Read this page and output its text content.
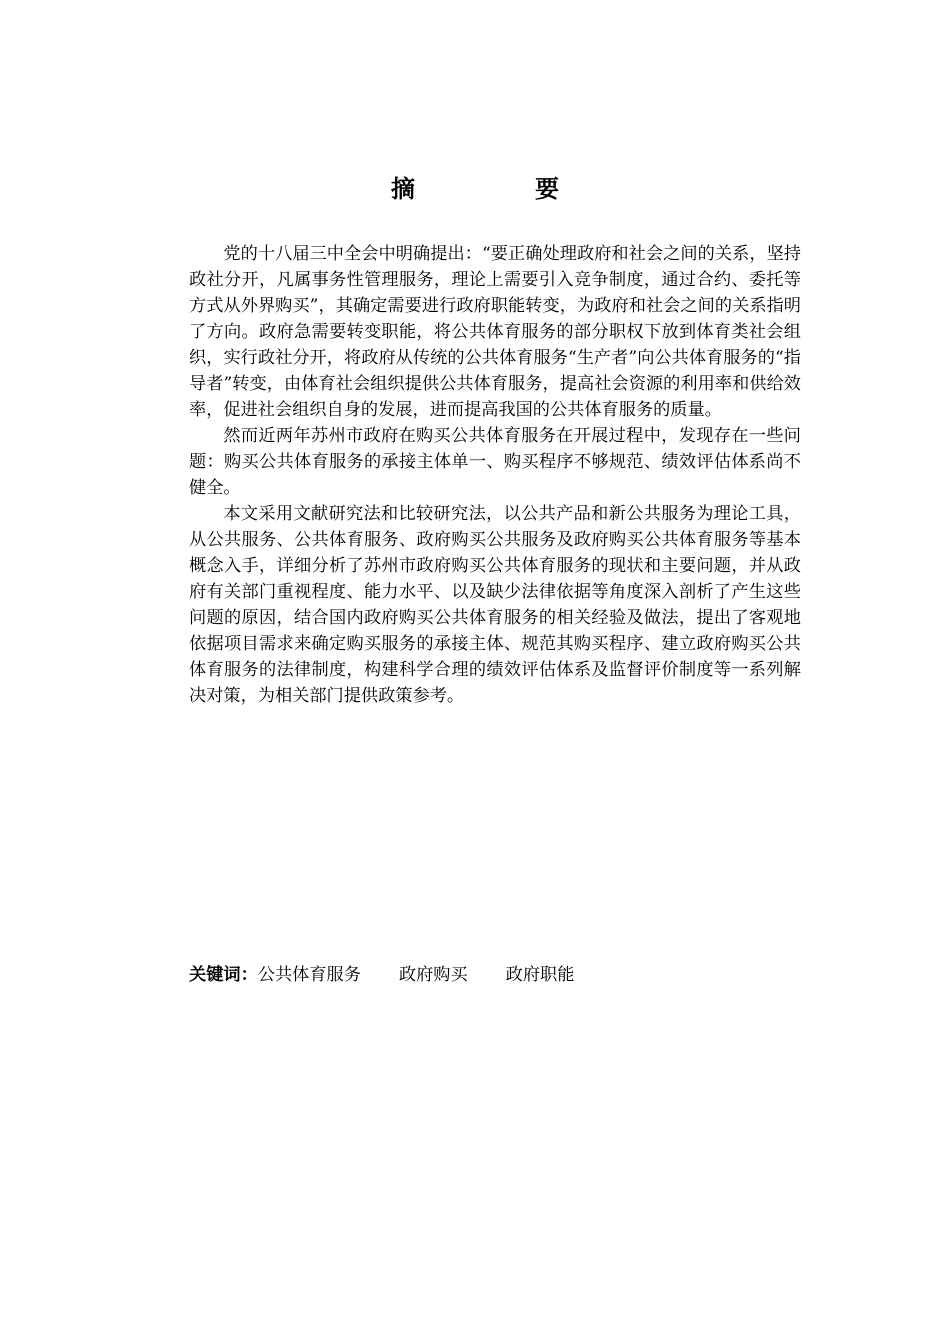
摘　要

党的十八届三中全会中明确提出：“要正确处理政府和社会之间的关系，坚持政社分开，凡属事务性管理服务，理论上需要引入竞争制度，通过合约、委托等方式从外界购买”，其确定需要进行政府职能转变，为政府和社会之间的关系指明了方向。政府急需要转变职能，将公共体育服务的部分职权下放到体育类社会组织，实行政社分开，将政府从传统的公共体育服务“生产者”向公共体育服务的“指导者”转变，由体育社会组织提供公共体育服务，提高社会资源的利用率和供给效率，促进社会组织自身的发展，进而提高我国的公共体育服务的质量。

然而近两年苏州市政府在购买公共体育服务在开展过程中，发现存在一些问题：购买公共体育服务的承接主体单一、购买程序不够规范、绩效评估体系尚不健全。

本文采用文献研究法和比较研究法，以公共产品和新公共服务为理论工具，从公共服务、公共体育服务、政府购买公共服务及政府购买公共体育服务等基本概念入手，详细分析了苏州市政府购买公共体育服务的现状和主要问题，并从政府有关部门重视程度、能力水平、以及缺少法律依据等角度深入剖析了产生这些问题的原因，结合国内政府购买公共体育服务的相关经验及做法，提出了客观地依据项目需求来确定购买服务的承接主体、规范其购买程序、建立政府购买公共体育服务的法律制度，构建科学合理的绩效评估体系及监督评价制度等一系列解决对策，为相关部门提供政策参考。

关键词：公共体育服务 政府购买 政府职能
